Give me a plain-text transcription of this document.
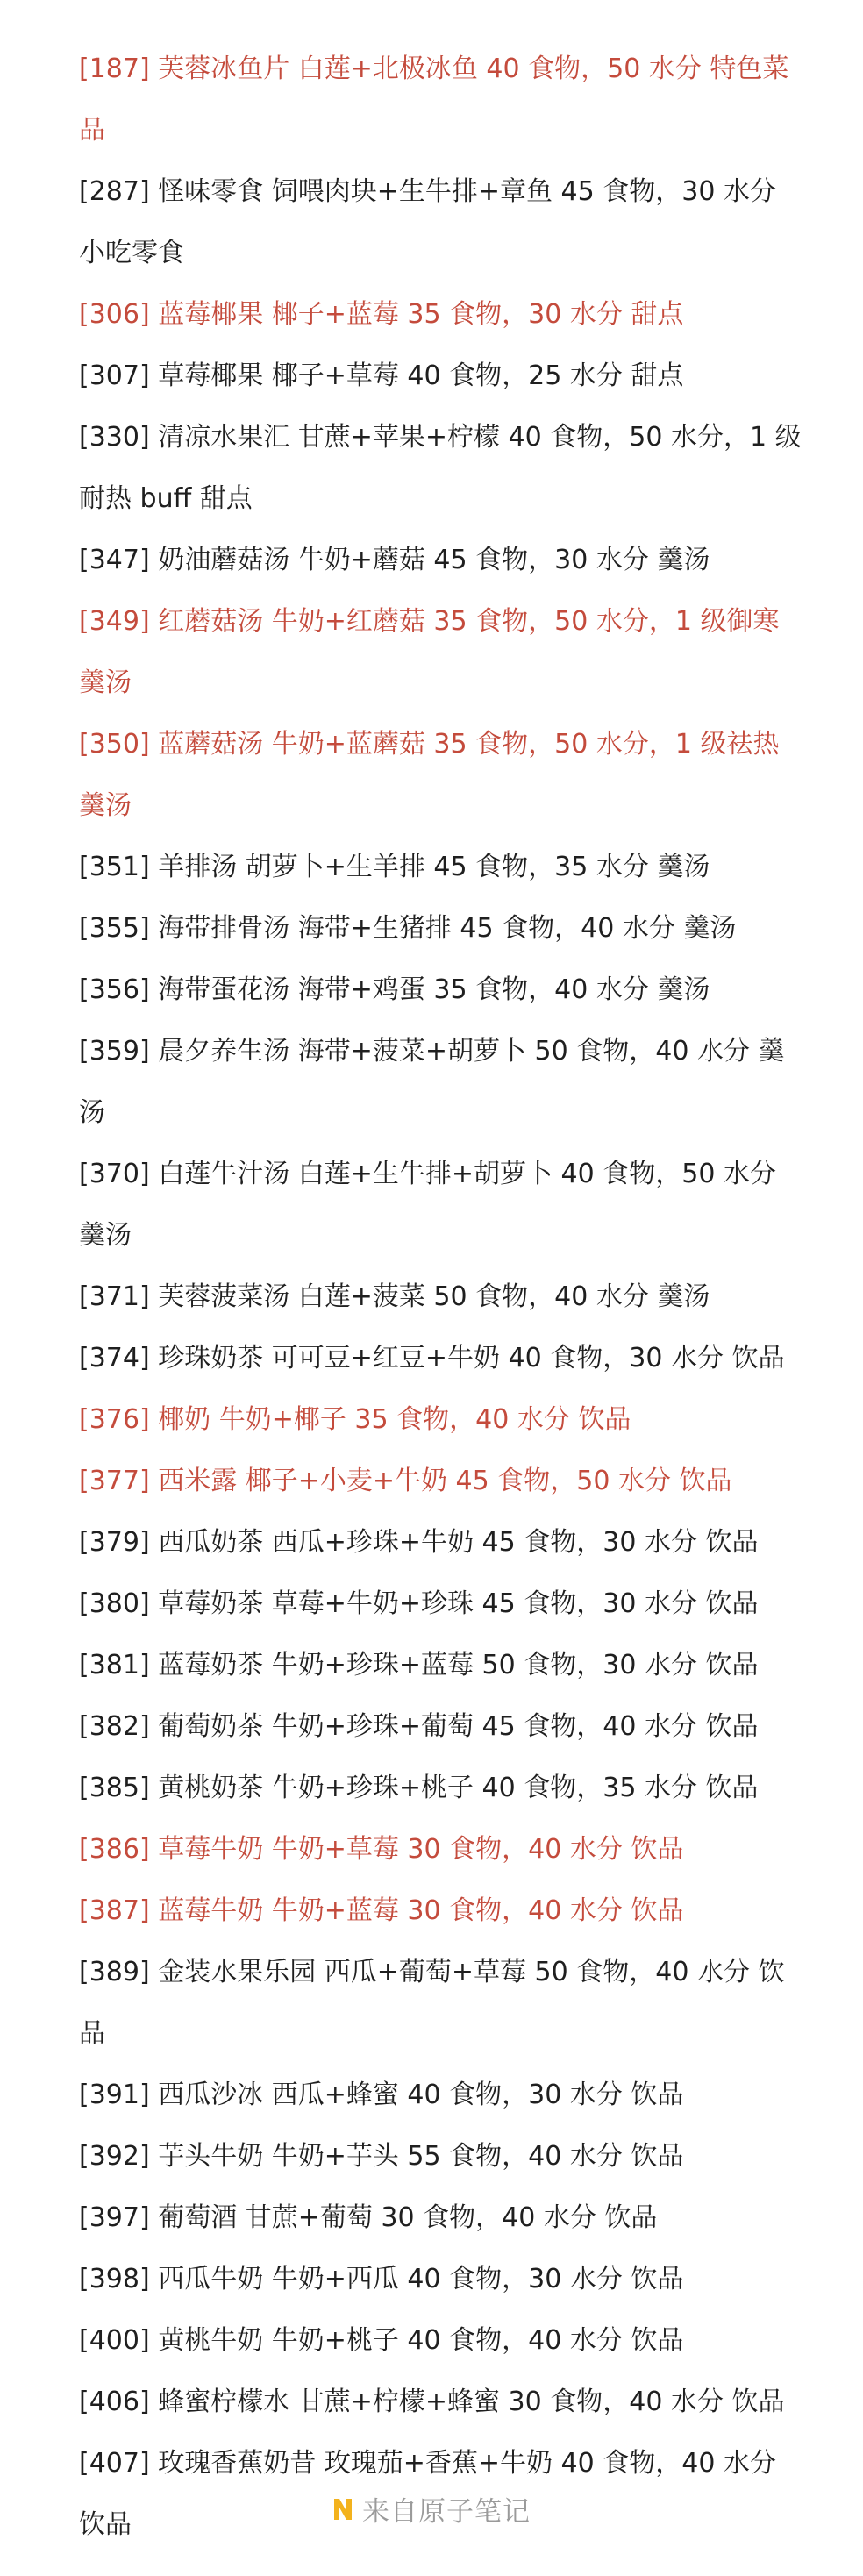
[187] 芙蓉冰鱼片 白莲+北极冰鱼 40 食物，50 水分 特色菜品

[287] 怪味零食 饲喂肉块+生牛排+章鱼 45 食物，30 水分 小吃零食

[306] 蓝莓椰果 椰子+蓝莓 35 食物，30 水分 甜点

[307] 草莓椰果 椰子+草莓 40 食物，25 水分 甜点

[330] 清凉水果汇 甘蔗+苹果+柠檬 40 食物，50 水分，1 级耐热 buff 甜点

[347] 奶油蘑菇汤 牛奶+蘑菇 45 食物，30 水分 羹汤

[349] 红蘑菇汤 牛奶+红蘑菇 35 食物，50 水分，1 级御寒 羹汤

[350] 蓝蘑菇汤 牛奶+蓝蘑菇 35 食物，50 水分，1 级祛热 羹汤

[351] 羊排汤 胡萝卜+生羊排 45 食物，35 水分 羹汤

[355] 海带排骨汤 海带+生猪排 45 食物，40 水分 羹汤

[356] 海带蛋花汤 海带+鸡蛋 35 食物，40 水分 羹汤

[359] 晨夕养生汤 海带+菠菜+胡萝卜 50 食物，40 水分 羹汤

[370] 白莲牛汁汤 白莲+生牛排+胡萝卜 40 食物，50 水分 羹汤

[371] 芙蓉菠菜汤 白莲+菠菜 50 食物，40 水分 羹汤

[374] 珍珠奶茶 可可豆+红豆+牛奶 40 食物，30 水分 饮品

[376] 椰奶 牛奶+椰子 35 食物，40 水分 饮品

[377] 西米露 椰子+小麦+牛奶 45 食物，50 水分 饮品

[379] 西瓜奶茶 西瓜+珍珠+牛奶 45 食物，30 水分 饮品

[380] 草莓奶茶 草莓+牛奶+珍珠 45 食物，30 水分 饮品

[381] 蓝莓奶茶 牛奶+珍珠+蓝莓 50 食物，30 水分 饮品

[382] 葡萄奶茶 牛奶+珍珠+葡萄 45 食物，40 水分 饮品

[385] 黄桃奶茶 牛奶+珍珠+桃子 40 食物，35 水分 饮品

[386] 草莓牛奶 牛奶+草莓 30 食物，40 水分 饮品

[387] 蓝莓牛奶 牛奶+蓝莓 30 食物，40 水分 饮品

[389] 金装水果乐园 西瓜+葡萄+草莓 50 食物，40 水分 饮品

[391] 西瓜沙冰 西瓜+蜂蜜 40 食物，30 水分 饮品

[392] 芋头牛奶 牛奶+芋头 55 食物，40 水分 饮品

[397] 葡萄酒 甘蔗+葡萄 30 食物，40 水分 饮品

[398] 西瓜牛奶 牛奶+西瓜 40 食物，30 水分 饮品

[400] 黄桃牛奶 牛奶+桃子 40 食物，40 水分 饮品

[406] 蜂蜜柠檬水 甘蔗+柠檬+蜂蜜 30 食物，40 水分 饮品

[407] 玫瑰香蕉奶昔 玫瑰茄+香蕉+牛奶 40 食物，40 水分 饮品	来自原子笔记
